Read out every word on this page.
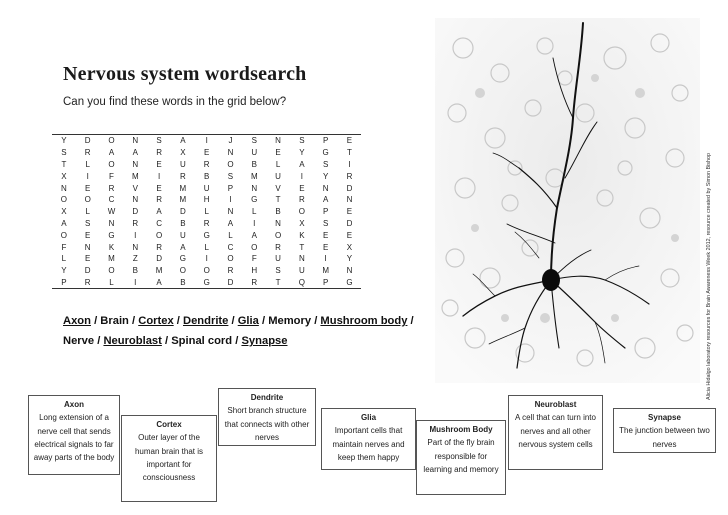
Nervous system wordsearch
Can you find these words in the grid below?
Y	D	O	N	S	A	I	J	S	N	S	P	E
S	R	A	A	R	X	E	N	U	E	Y	G	T
T	L	O	N	E	U	R	O	B	L	A	S	I
X	I	F	M	I	R	B	S	M	U	I	Y	R
N	E	R	V	E	M	U	P	N	V	E	N	D
O	O	C	N	R	M	H	I	G	T	R	A	N
X	L	W	D	A	D	L	N	L	B	O	P	E
A	S	N	R	C	B	R	A	I	N	X	S	D
O	E	G	I	O	U	G	L	A	O	K	E	E
F	N	K	N	R	A	L	C	O	R	T	E	X
L	E	M	Z	D	G	I	O	F	U	N	I	Y
Y	D	O	B	M	O	O	R	H	S	U	M	N
P	R	L	I	A	B	G	D	R	T	Q	P	G
Axon / Brain / Cortex / Dendrite / Glia / Memory / Mushroom body / Nerve / Neuroblast / Spinal cord / Synapse	Alicia Hidalgo laboratory resources for Brain Awareness Week 2012, resource created by Simon Bishop
Axon
Long extension of a nerve cell that sends electrical signals to far away parts of the body
Cortex
Outer layer of the human brain that is important for consciousness
Dendrite
Short branch structure that connects with other nerves
Glia
Important cells that maintain nerves and keep them happy
Mushroom Body
Part of the fly brain responsible for learning and memory
Neuroblast
A cell that can turn into nerves and all other nervous system cells
Synapse
The junction between two nerves
